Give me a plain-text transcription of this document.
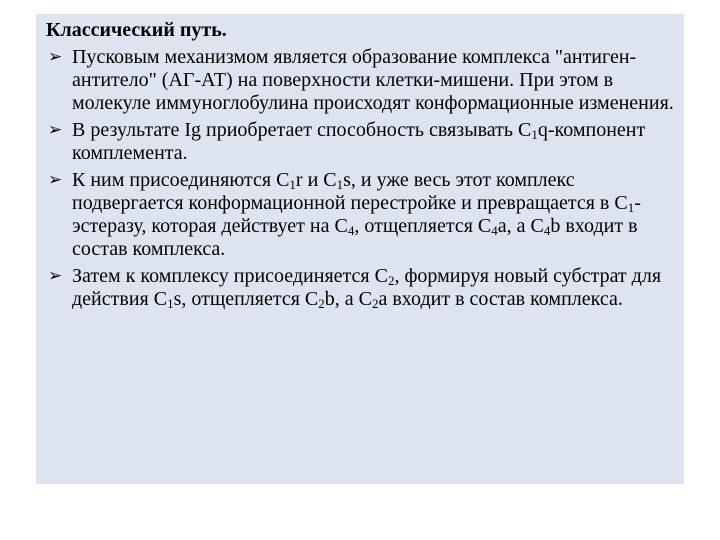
Классический путь.
➢ Пусковым механизмом является образование комплекса "антиген-антитело" (АГ-АТ) на поверхности клетки-мишени. При этом в молекуле иммуноглобулина происходят конформационные изменения.
➢ В результате Ig приобретает способность связывать $C_1q$-компонент комплемента.
➢ К ним присоединяются $C_1r$ и $C_1s$, и уже весь этот комплекс подвергается конформационной перестройке и превращается в $C_1$-эстеразу, которая действует на $C_4$, отщепляется $C_4a$, а $C_4b$ входит в состав комплекса.
➢ Затем к комплексу присоединяется $C_2$, формируя новый субстрат для действия $C_1s$, отщепляется $C_2b$, а $C_2a$ входит в состав комплекса.
